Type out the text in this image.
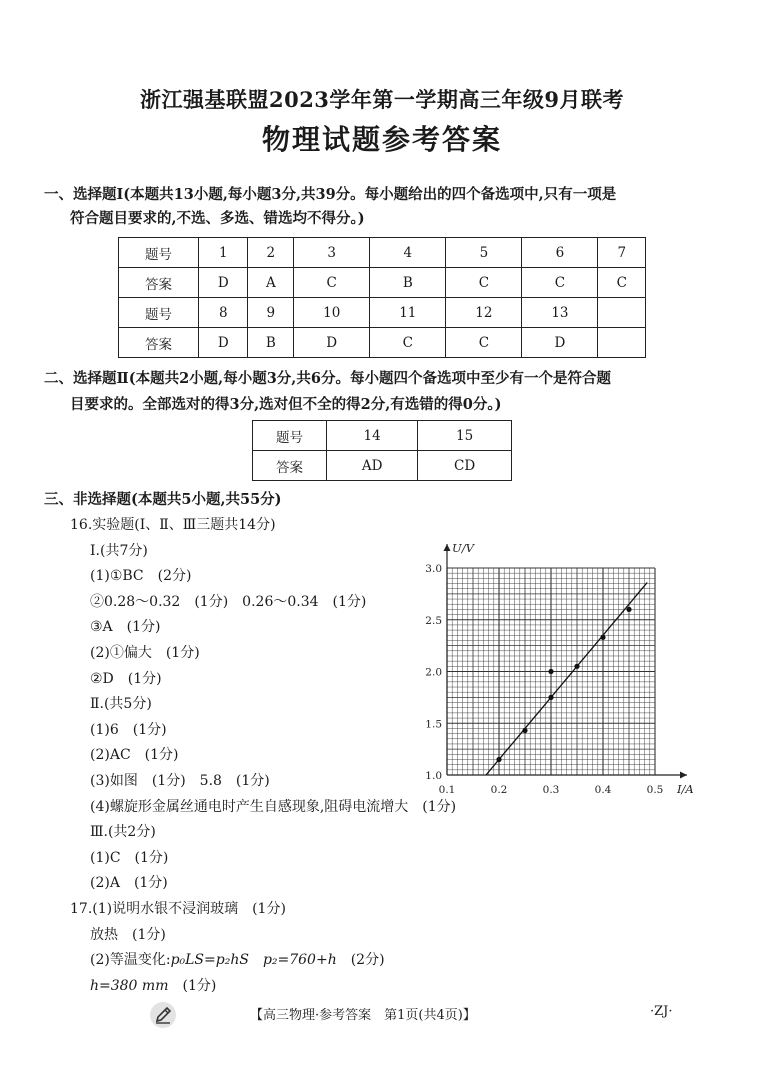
浙江强基联盟2023学年第一学期高三年级9月联考
物理试题参考答案
一、选择题Ⅰ(本题共13小题,每小题3分,共39分。每小题给出的四个备选项中,只有一项是
符合题目要求的,不选、多选、错选均不得分。)
题号	1	2	3	4	5	6	7
答案	D	A	C	B	C	C	C
题号	8	9	10	11	12	13	
答案	D	B	D	C	C	D	
二、选择题Ⅱ(本题共2小题,每小题3分,共6分。每小题四个备选项中至少有一个是符合题
目要求的。全部选对的得3分,选对但不全的得2分,有选错的得0分。)
题号	14	15
答案	AD	CD
三、非选择题(本题共5小题,共55分)
16.实验题(Ⅰ、Ⅱ、Ⅲ三题共14分)
Ⅰ.(共7分)
(1)①BC　(2分)
②0.28～0.32　(1分)　0.26～0.34　(1分)
③A　(1分)
(2)①偏大　(1分)
②D　(1分)
Ⅱ.(共5分)
(1)6　(1分)
(2)AC　(1分)
(3)如图　(1分)　5.8　(1分)
(4)螺旋形金属丝通电时产生自感现象,阻碍电流增大　(1分)
Ⅲ.(共2分)
(1)C　(1分)
(2)A　(1分)
17.(1)说明水银不浸润玻璃　(1分)
放热　(1分)
(2)等温变化:p₀LS=p₂hS　 p₂=760+h　 (2分)
h=380 mm　 (1分)
0.1	0.2	0.3	0.4	0.5
1.0
1.5
2.0
2.5
3.0
I/A
U/V
【高三物理·参考答案　第1页(共4页)】	·ZJ·
